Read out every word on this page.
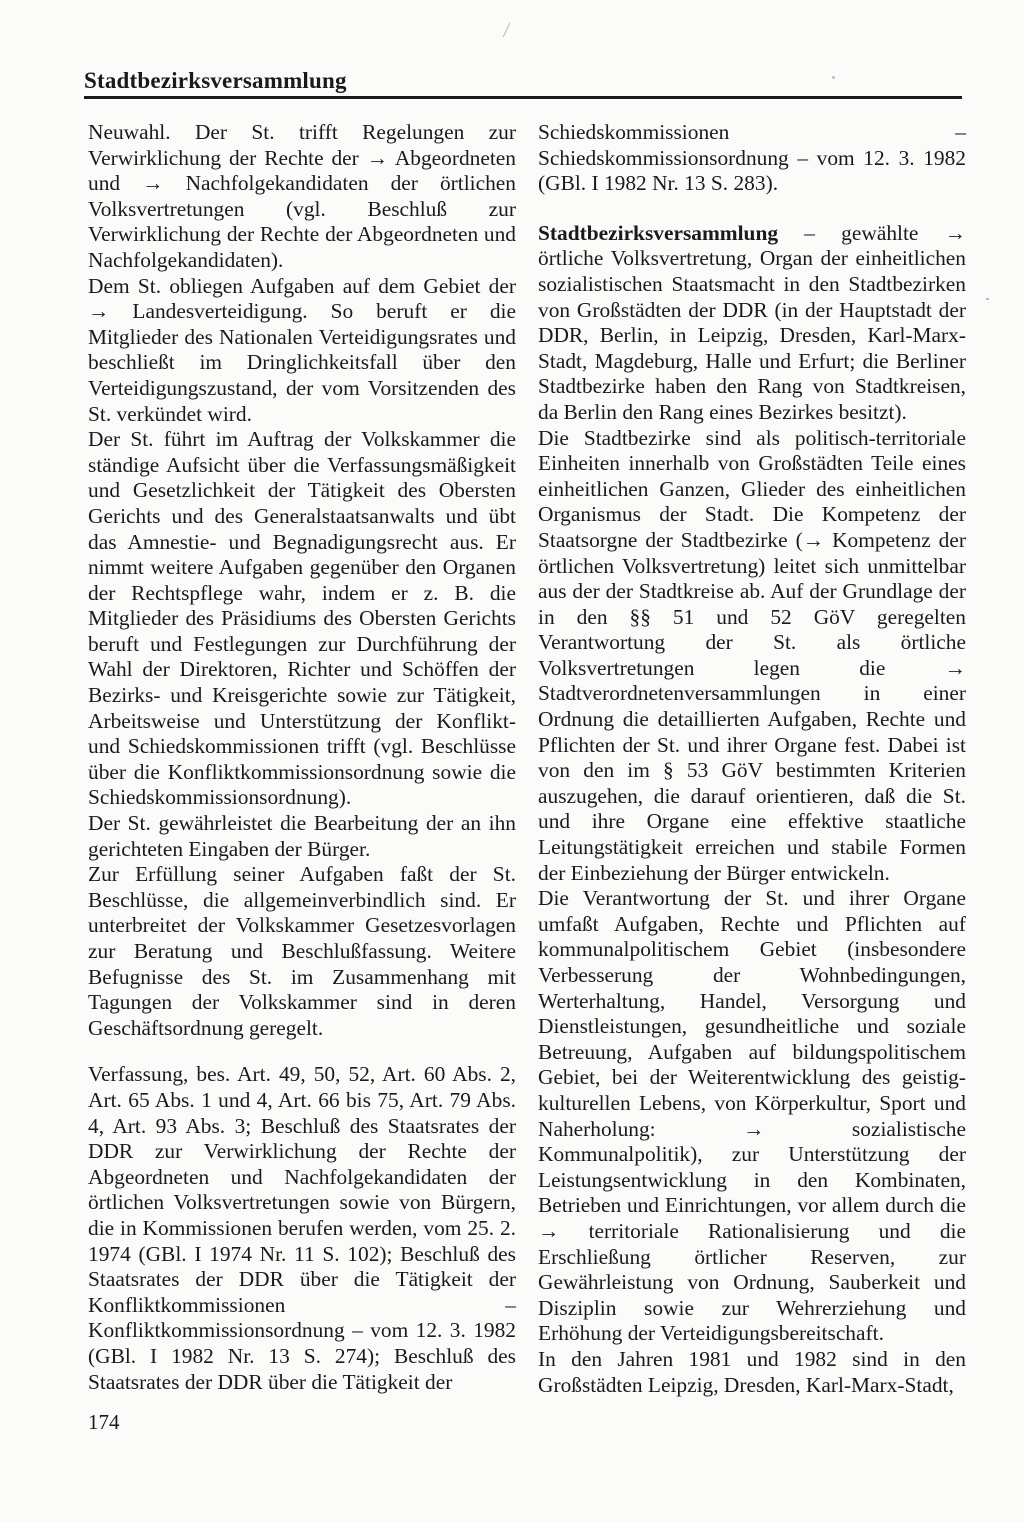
Stadtbezirksversammlung

Neuwahl. Der St. trifft Regelungen zur Verwirklichung der Rechte der → Abgeordneten und → Nachfolgekandidaten der örtlichen Volksvertretungen (vgl. Beschluß zur Verwirklichung der Rechte der Abgeordneten und Nachfolgekandidaten).

Dem St. obliegen Aufgaben auf dem Gebiet der → Landesverteidigung. So beruft er die Mitglieder des Nationalen Verteidigungsrates und beschließt im Dringlichkeitsfall über den Verteidigungszustand, der vom Vorsitzenden des St. verkündet wird.

Der St. führt im Auftrag der Volkskammer die ständige Aufsicht über die Verfassungsmäßigkeit und Gesetzlichkeit der Tätigkeit des Obersten Gerichts und des Generalstaatsanwalts und übt das Amnestie- und Begnadigungsrecht aus. Er nimmt weitere Aufgaben gegenüber den Organen der Rechtspflege wahr, indem er z. B. die Mitglieder des Präsidiums des Obersten Gerichts beruft und Festlegungen zur Durchführung der Wahl der Direktoren, Richter und Schöffen der Bezirks- und Kreisgerichte sowie zur Tätigkeit, Arbeitsweise und Unterstützung der Konflikt- und Schiedskommissionen trifft (vgl. Beschlüsse über die Konfliktkommissionsordnung sowie die Schiedskommissionsordnung).

Der St. gewährleistet die Bearbeitung der an ihn gerichteten Eingaben der Bürger.

Zur Erfüllung seiner Aufgaben faßt der St. Beschlüsse, die allgemeinverbindlich sind. Er unterbreitet der Volkskammer Gesetzesvorlagen zur Beratung und Beschlußfassung. Weitere Befugnisse des St. im Zusammenhang mit Tagungen der Volkskammer sind in deren Geschäftsordnung geregelt.

Verfassung, bes. Art. 49, 50, 52, Art. 60 Abs. 2, Art. 65 Abs. 1 und 4, Art. 66 bis 75, Art. 79 Abs. 4, Art. 93 Abs. 3; Beschluß des Staatsrates der DDR zur Verwirklichung der Rechte der Abgeordneten und Nachfolgekandidaten der örtlichen Volksvertretungen sowie von Bürgern, die in Kommissionen berufen werden, vom 25. 2. 1974 (GBl. I 1974 Nr. 11 S. 102); Beschluß des Staatsrates der DDR über die Tätigkeit der Konfliktkommissionen – Konfliktkommissionsordnung – vom 12. 3. 1982 (GBl. I 1982 Nr. 13 S. 274); Beschluß des Staatsrates der DDR über die Tätigkeit der

Schiedskommissionen – Schiedskommissionsordnung – vom 12. 3. 1982 (GBl. I 1982 Nr. 13 S. 283).

Stadtbezirksversammlung – gewählte → örtliche Volksvertretung, Organ der einheitlichen sozialistischen Staatsmacht in den Stadtbezirken von Großstädten der DDR (in der Hauptstadt der DDR, Berlin, in Leipzig, Dresden, Karl-Marx-Stadt, Magdeburg, Halle und Erfurt; die Berliner Stadtbezirke haben den Rang von Stadtkreisen, da Berlin den Rang eines Bezirkes besitzt).

Die Stadtbezirke sind als politisch-territoriale Einheiten innerhalb von Großstädten Teile eines einheitlichen Ganzen, Glieder des einheitlichen Organismus der Stadt. Die Kompetenz der Staatsorgne der Stadtbezirke (→ Kompetenz der örtlichen Volksvertretung) leitet sich unmittelbar aus der der Stadtkreise ab. Auf der Grundlage der in den §§ 51 und 52 GöV geregelten Verantwortung der St. als örtliche Volksvertretungen legen die → Stadtverordnetenversammlungen in einer Ordnung die detaillierten Aufgaben, Rechte und Pflichten der St. und ihrer Organe fest. Dabei ist von den im § 53 GöV bestimmten Kriterien auszugehen, die darauf orientieren, daß die St. und ihre Organe eine effektive staatliche Leitungstätigkeit erreichen und stabile Formen der Einbeziehung der Bürger entwickeln.

Die Verantwortung der St. und ihrer Organe umfaßt Aufgaben, Rechte und Pflichten auf kommunalpolitischem Gebiet (insbesondere Verbesserung der Wohnbedingungen, Werterhaltung, Handel, Versorgung und Dienstleistungen, gesundheitliche und soziale Betreuung, Aufgaben auf bildungspolitischem Gebiet, bei der Weiterentwicklung des geistig-kulturellen Lebens, von Körperkultur, Sport und Naherholung: → sozialistische Kommunalpolitik), zur Unterstützung der Leistungsentwicklung in den Kombinaten, Betrieben und Einrichtungen, vor allem durch die → territoriale Rationalisierung und die Erschließung örtlicher Reserven, zur Gewährleistung von Ordnung, Sauberkeit und Disziplin sowie zur Wehrerziehung und Erhöhung der Verteidigungsbereitschaft.

In den Jahren 1981 und 1982 sind in den Großstädten Leipzig, Dresden, Karl-Marx-Stadt,

174
